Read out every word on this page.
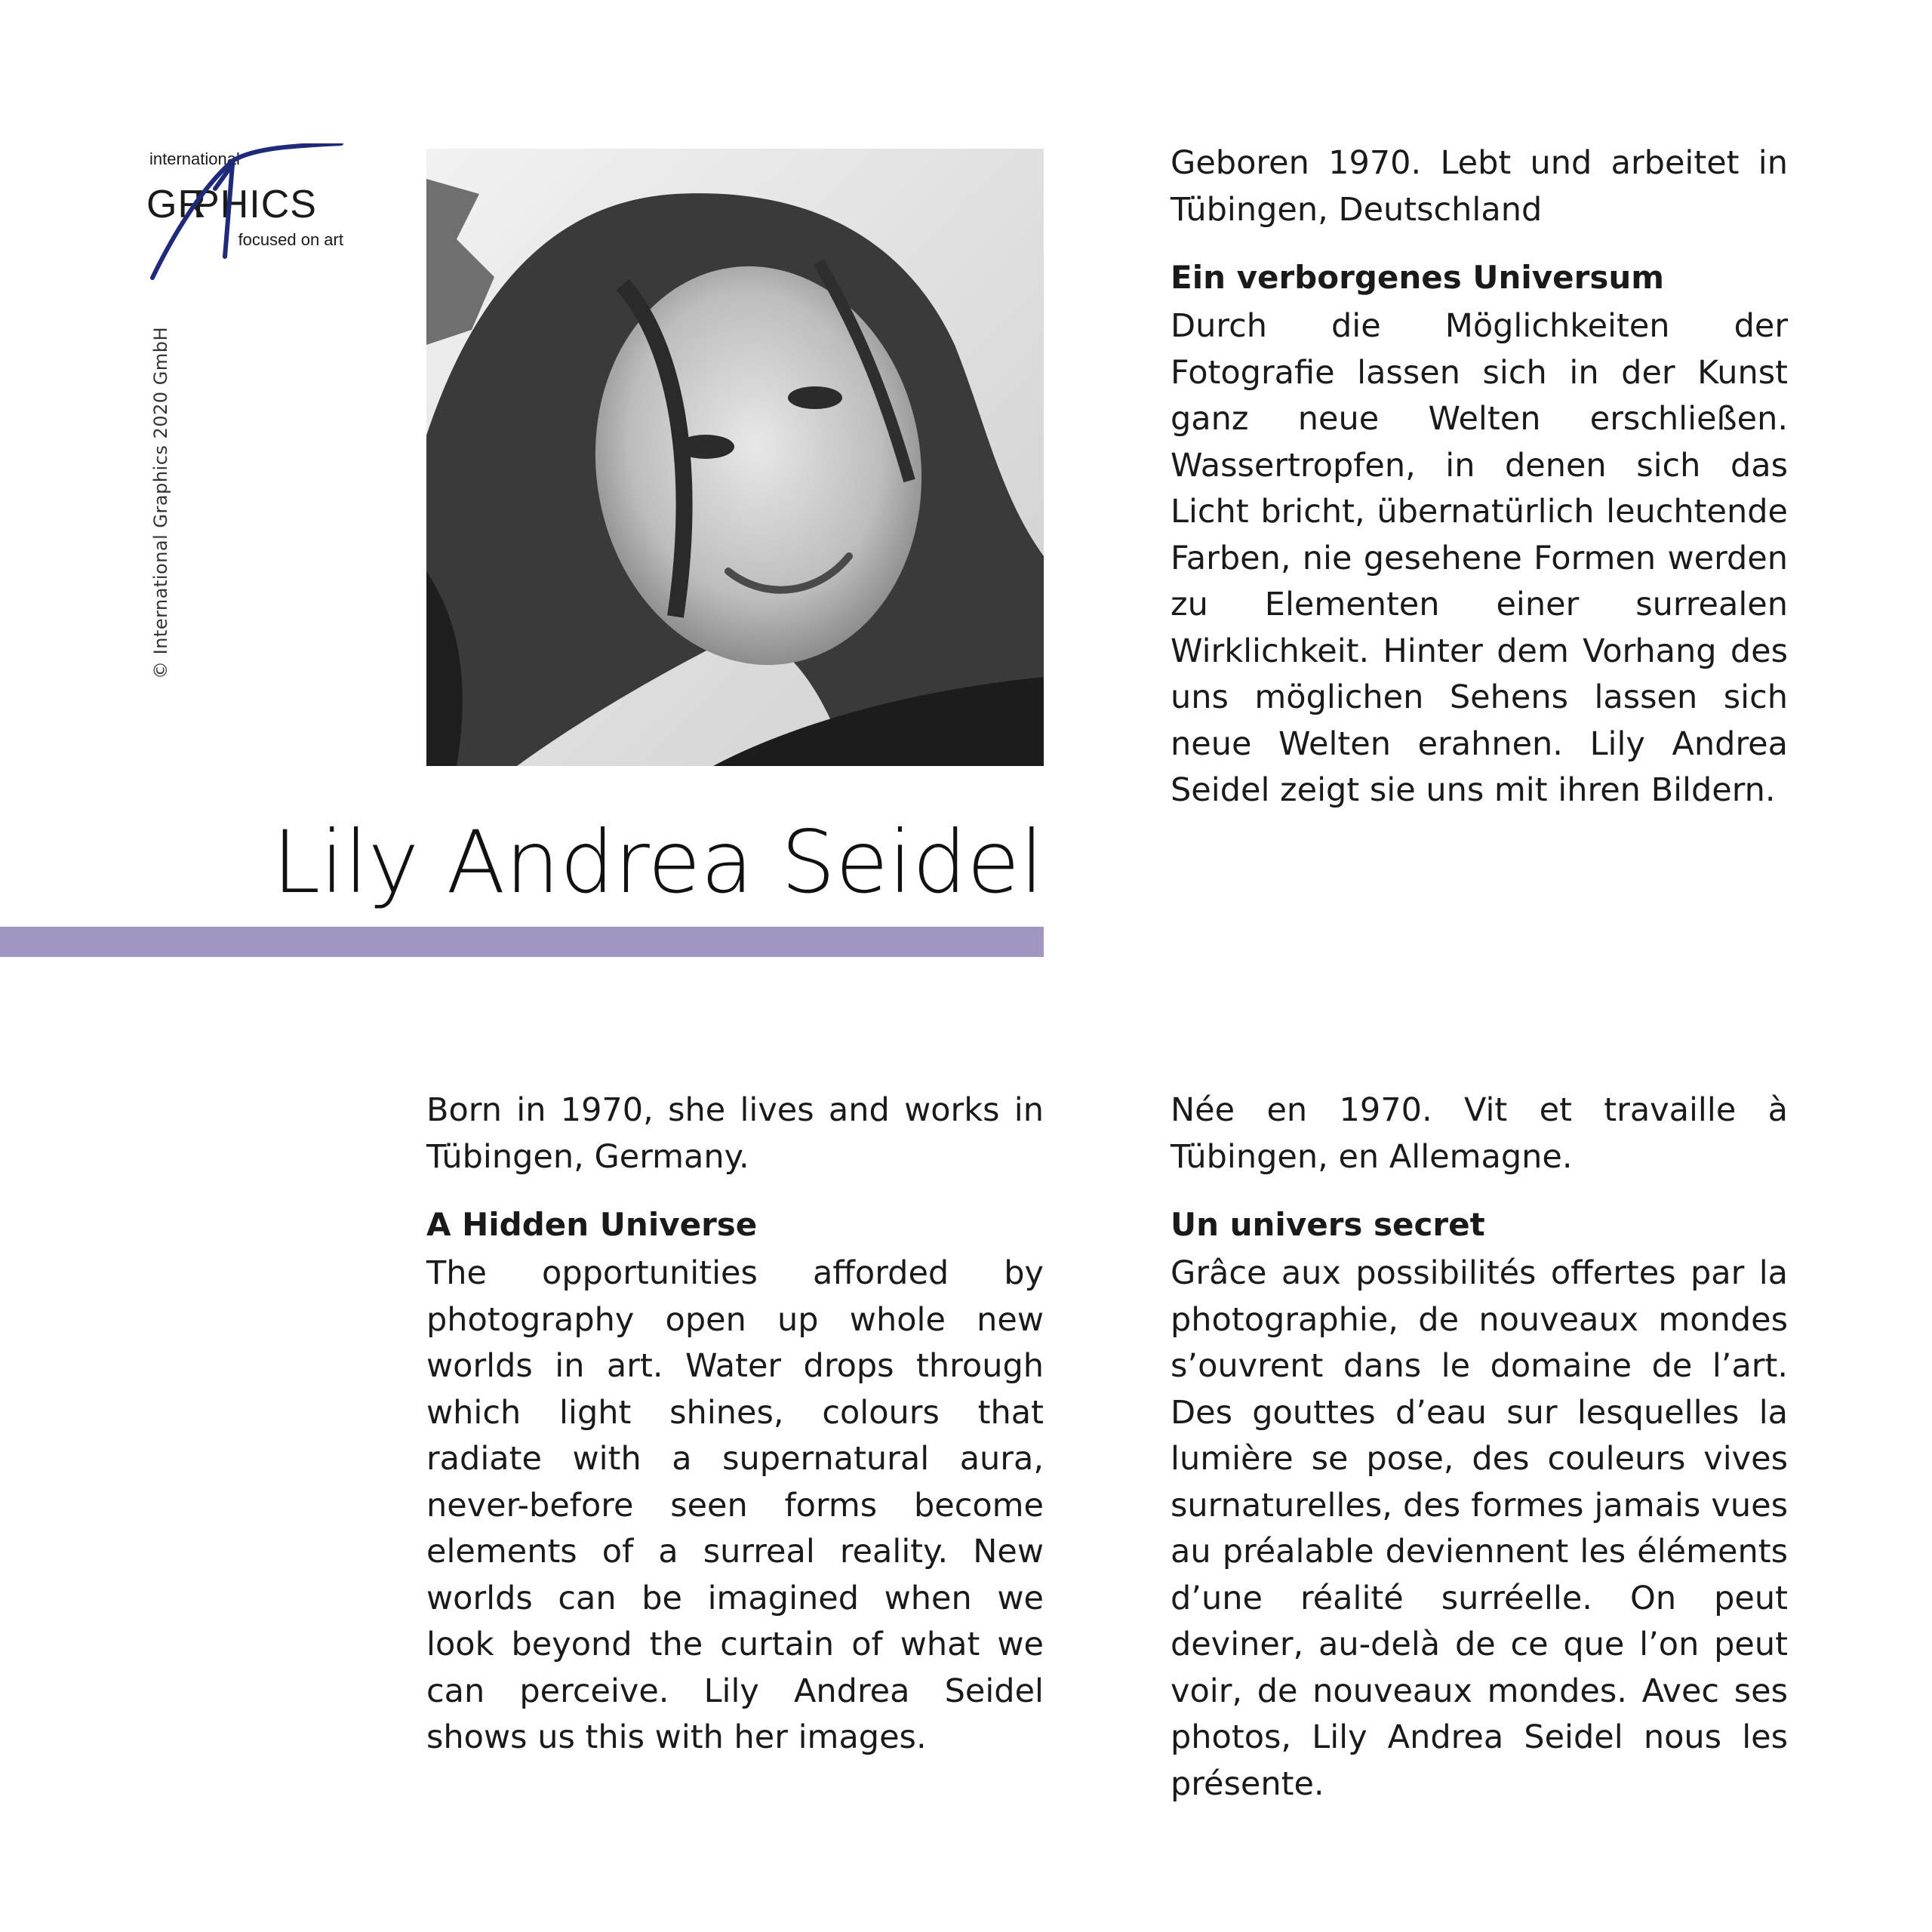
international
GR
PHICS
focused on art
© International Graphics 2020 GmbH
Lily Andrea Seidel

Geboren 1970. Lebt und arbeitet in Tübingen, Deutschland

Ein verborgenes Universum

Durch die Möglichkeiten der Fotografie lassen sich in der Kunst ganz neue Welten erschließen. Wassertropfen, in denen sich das Licht bricht, übernatürlich leuchtende Farben, nie gesehene Formen werden zu Elementen einer surrealen Wirklichkeit. Hinter dem Vorhang des uns möglichen Sehens lassen sich neue Welten erahnen. Lily Andrea Seidel zeigt sie uns mit ihren Bildern.

Born in 1970, she lives and works in Tübingen, Germany.

A Hidden Universe

The opportunities afforded by photography open up whole new worlds in art. Water drops through which light shines, colours that radiate with a supernatural aura, never-before seen forms become elements of a surreal reality. New worlds can be imagined when we look beyond the curtain of what we can perceive. Lily Andrea Seidel shows us this with her images.

Née en 1970. Vit et travaille à Tübingen, en Allemagne.

Un univers secret

Grâce aux possibilités offertes par la photographie, de nouveaux mondes s’ouvrent dans le domaine de l’art. Des gouttes d’eau sur lesquelles la lumière se pose, des couleurs vives surnaturelles, des formes jamais vues au préalable deviennent les éléments d’une réalité surréelle. On peut deviner, au-delà de ce que l’on peut voir, de nouveaux mondes. Avec ses photos, Lily Andrea Seidel nous les présente.
